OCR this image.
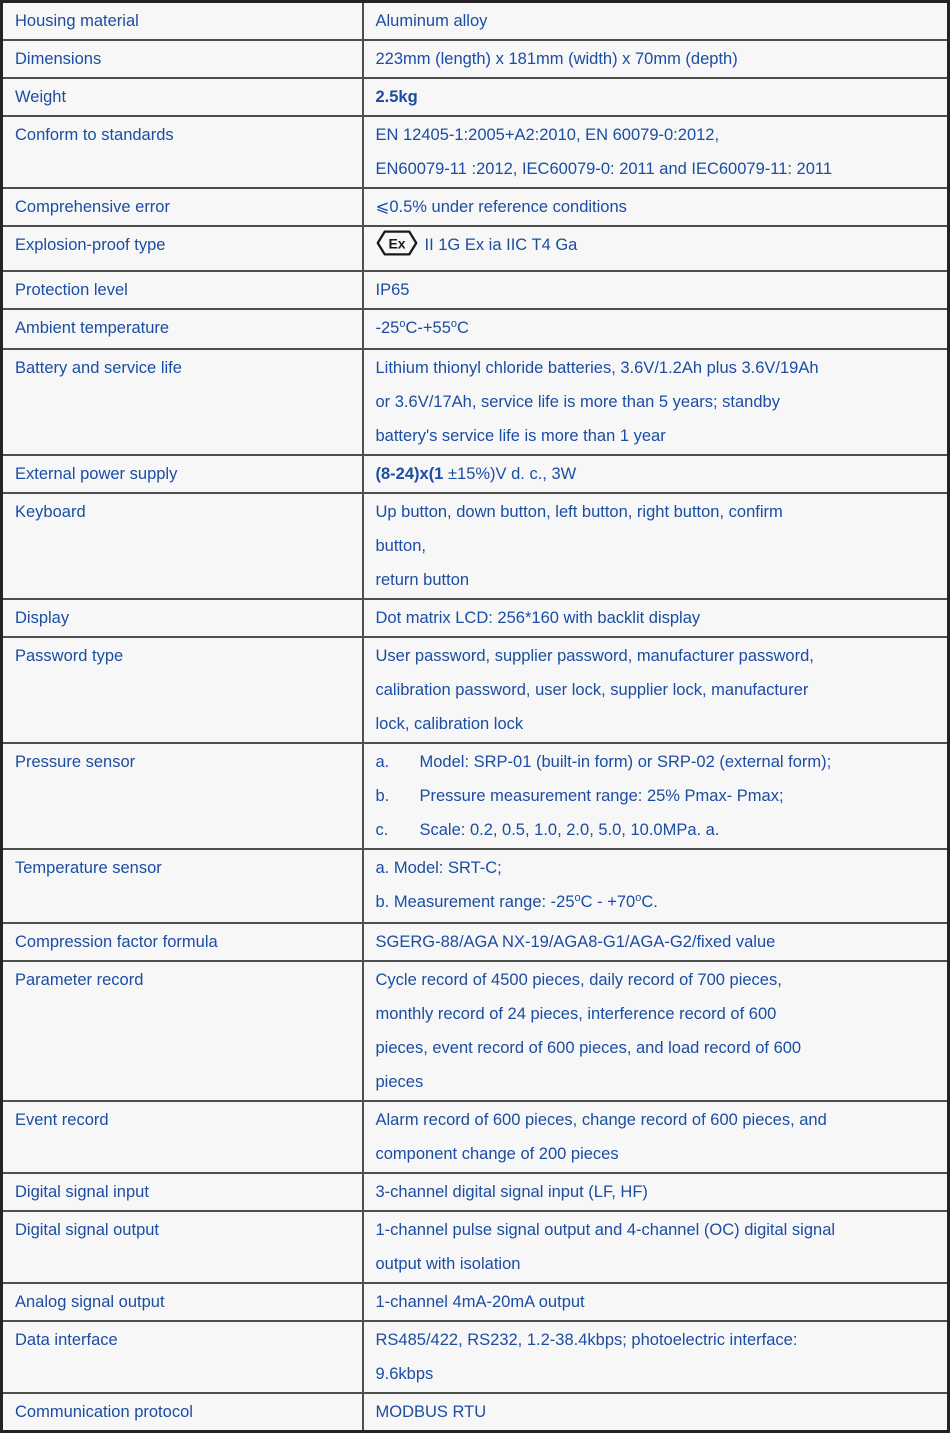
Housing material	Aluminum alloy

Dimensions	223mm (length) x 181mm (width) x 70mm (depth)

Weight	2.5kg

Conform to standards	EN 12405-1:2005+A2:2010, EN 60079-0:2012,
EN60079-11 :2012, IEC60079-0: 2011 and IEC60079-11: 2011

Comprehensive error	⩽0.5% under reference conditions

Explosion-proof type	Ex II 1G Ex ia IIC T4 Ga

Protection level	IP65

Ambient temperature	$-25^oC-+55^oC$

Battery and service life	Lithium thionyl chloride batteries, 3.6V/1.2Ah plus 3.6V/19Ah
or 3.6V/17Ah, service life is more than 5 years; standby
battery's service life is more than 1 year

External power supply	(8-24)x(1 ±15%)V d. c., 3W

Keyboard	Up button, down button, left button, right button, confirm
button,
return button

Display	Dot matrix LCD: 256*160 with backlit display

Password type	User password, supplier password, manufacturer password,
calibration password, user lock, supplier lock, manufacturer
lock, calibration lock

Pressure sensor	a. Model: SRP-01 (built-in form) or SRP-02 (external form);
b. Pressure measurement range: 25% Pmax- Pmax;
c. Scale: 0.2, 0.5, 1.0, 2.0, 5.0, 10.0MPa. a.

Temperature sensor	a. Model: SRT-C;
b. Measurement range: $-25^oC - +70^oC$.

Compression factor formula	SGERG-88/AGA NX-19/AGA8-G1/AGA-G2/fixed value

Parameter record	Cycle record of 4500 pieces, daily record of 700 pieces,
monthly record of 24 pieces, interference record of 600
pieces, event record of 600 pieces, and load record of 600
pieces

Event record	Alarm record of 600 pieces, change record of 600 pieces, and
component change of 200 pieces

Digital signal input	3-channel digital signal input (LF, HF)

Digital signal output	1-channel pulse signal output and 4-channel (OC) digital signal
output with isolation

Analog signal output	1-channel 4mA-20mA output

Data interface	RS485/422, RS232, 1.2-38.4kbps; photoelectric interface:
9.6kbps

Communication protocol	MODBUS RTU
